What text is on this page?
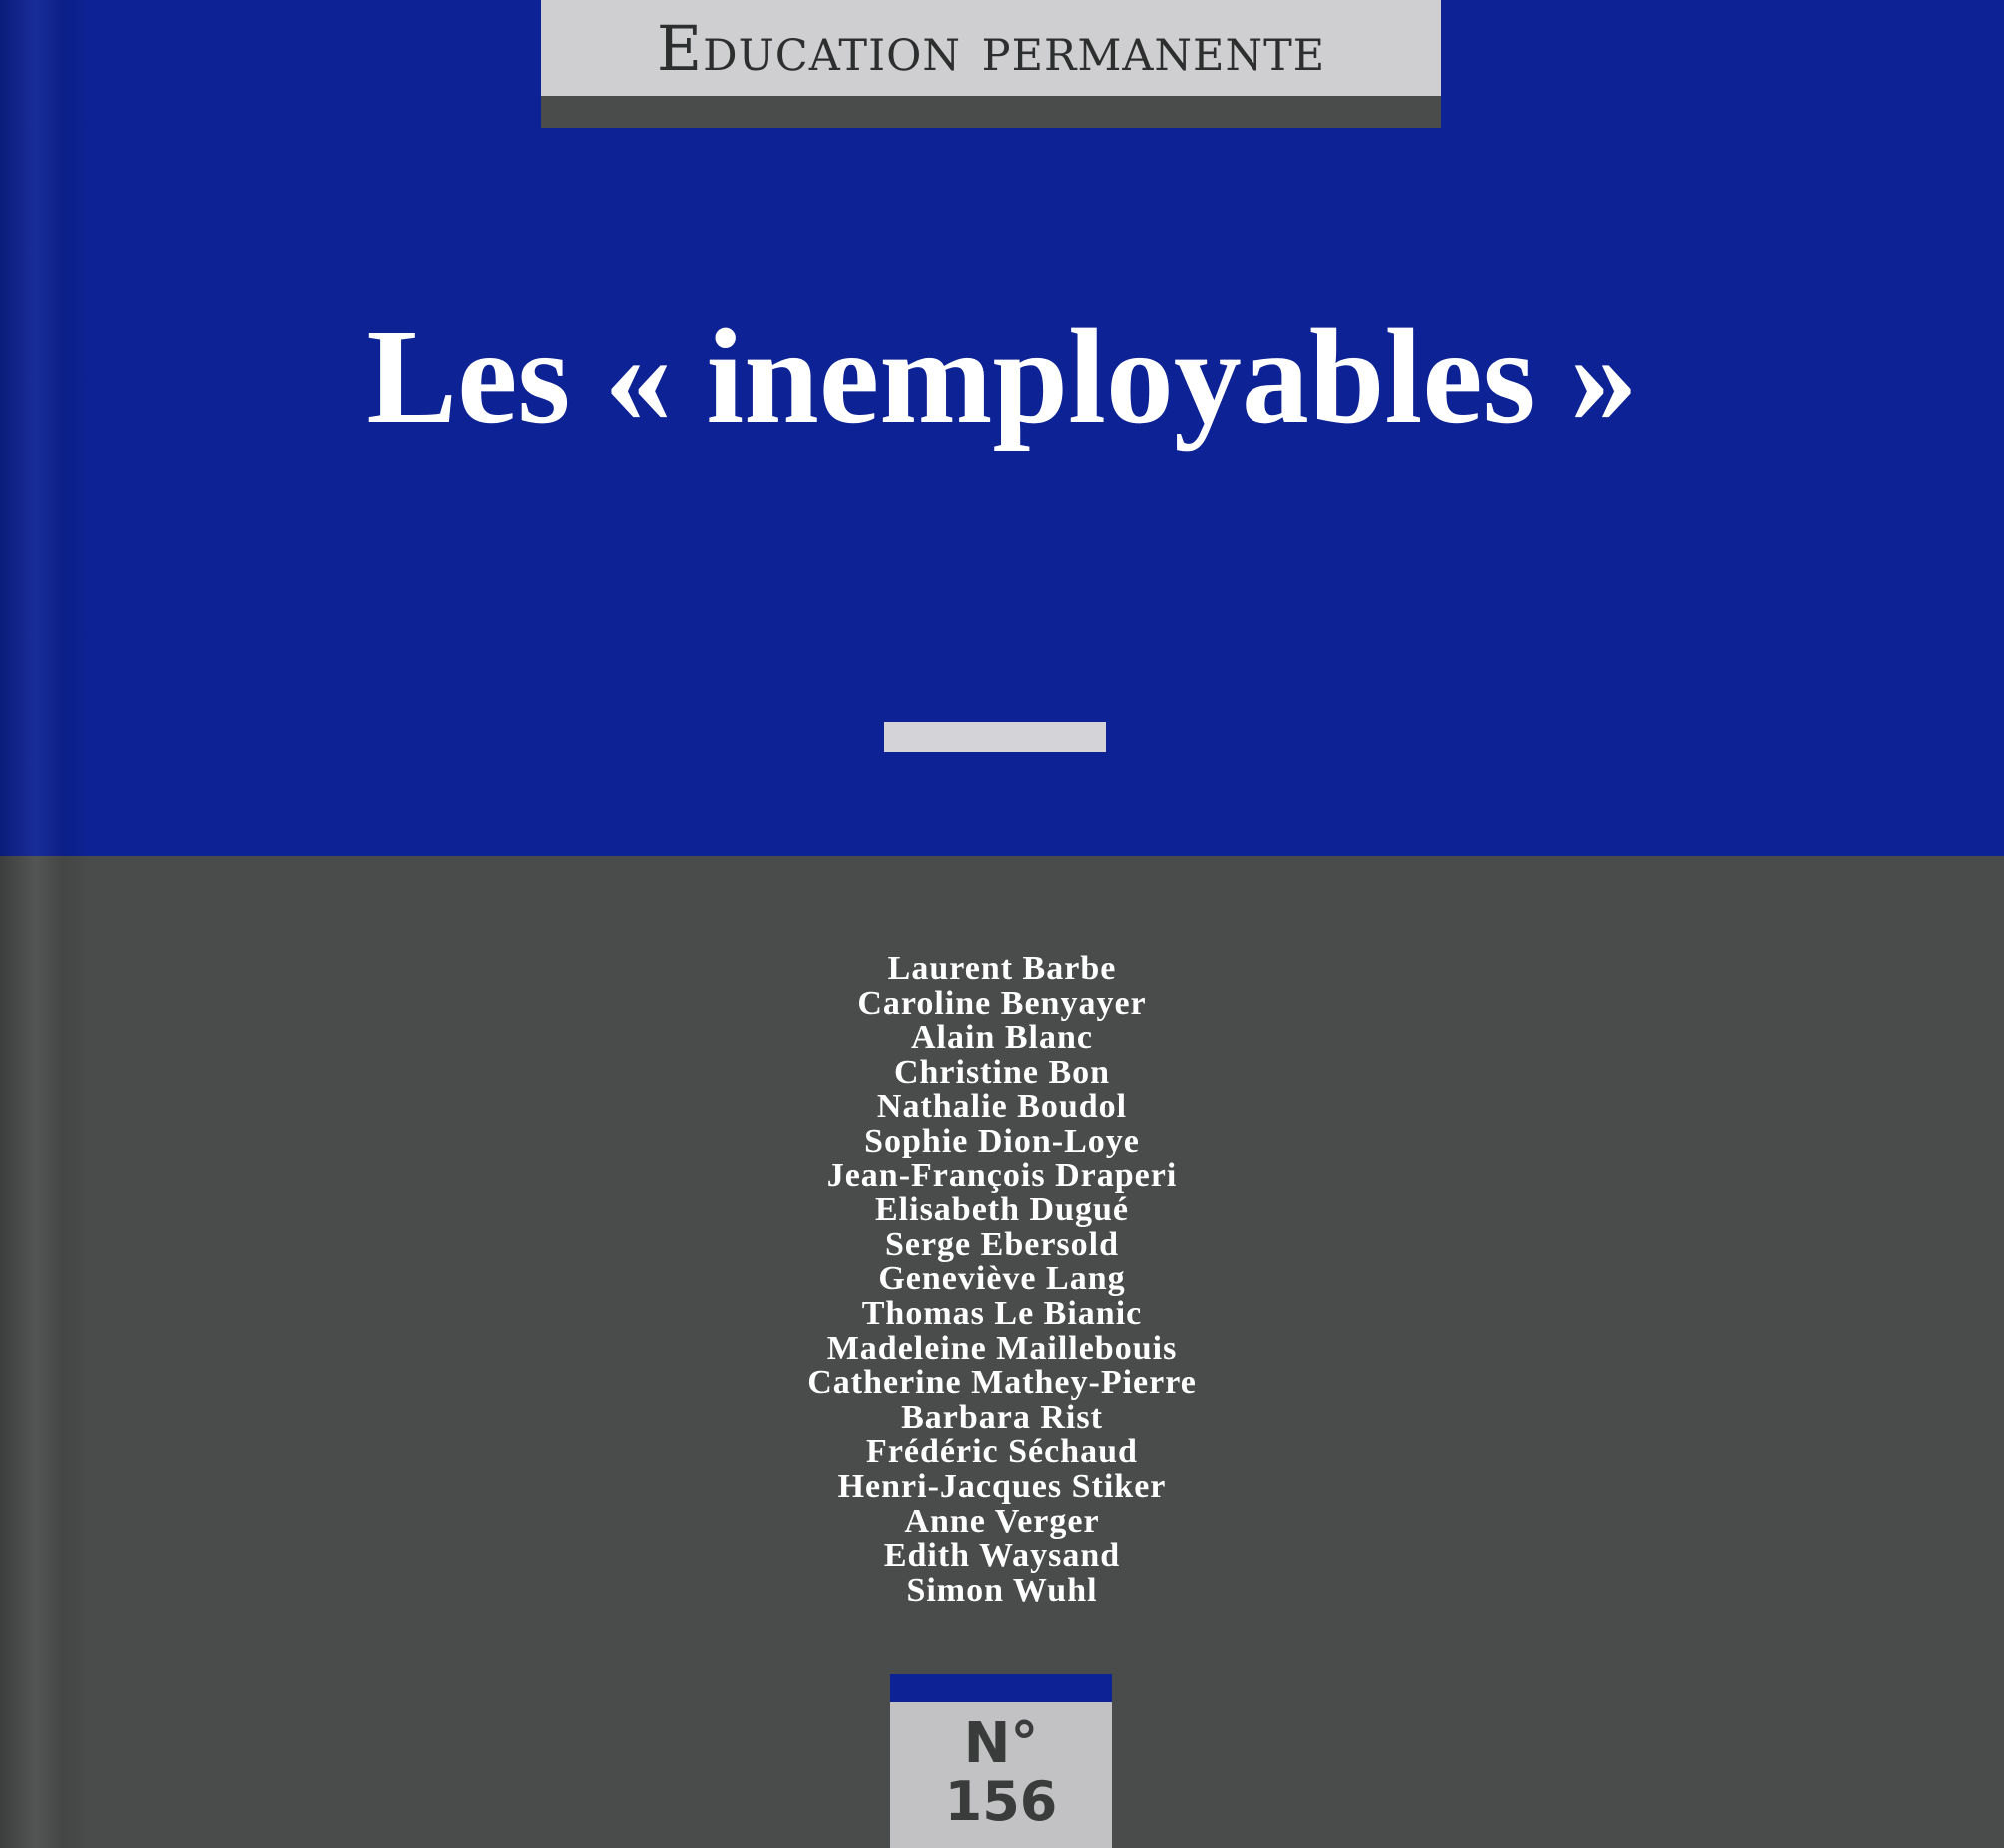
Education permanente
Les « inemployables »
Laurent Barbe
Caroline Benyayer
Alain Blanc
Christine Bon
Nathalie Boudol
Sophie Dion-Loye
Jean-François Draperi
Elisabeth Dugué
Serge Ebersold
Geneviève Lang
Thomas Le Bianic
Madeleine Maillebouis
Catherine Mathey-Pierre
Barbara Rist
Frédéric Séchaud
Henri-Jacques Stiker
Anne Verger
Edith Waysand
Simon Wuhl
N°
156
